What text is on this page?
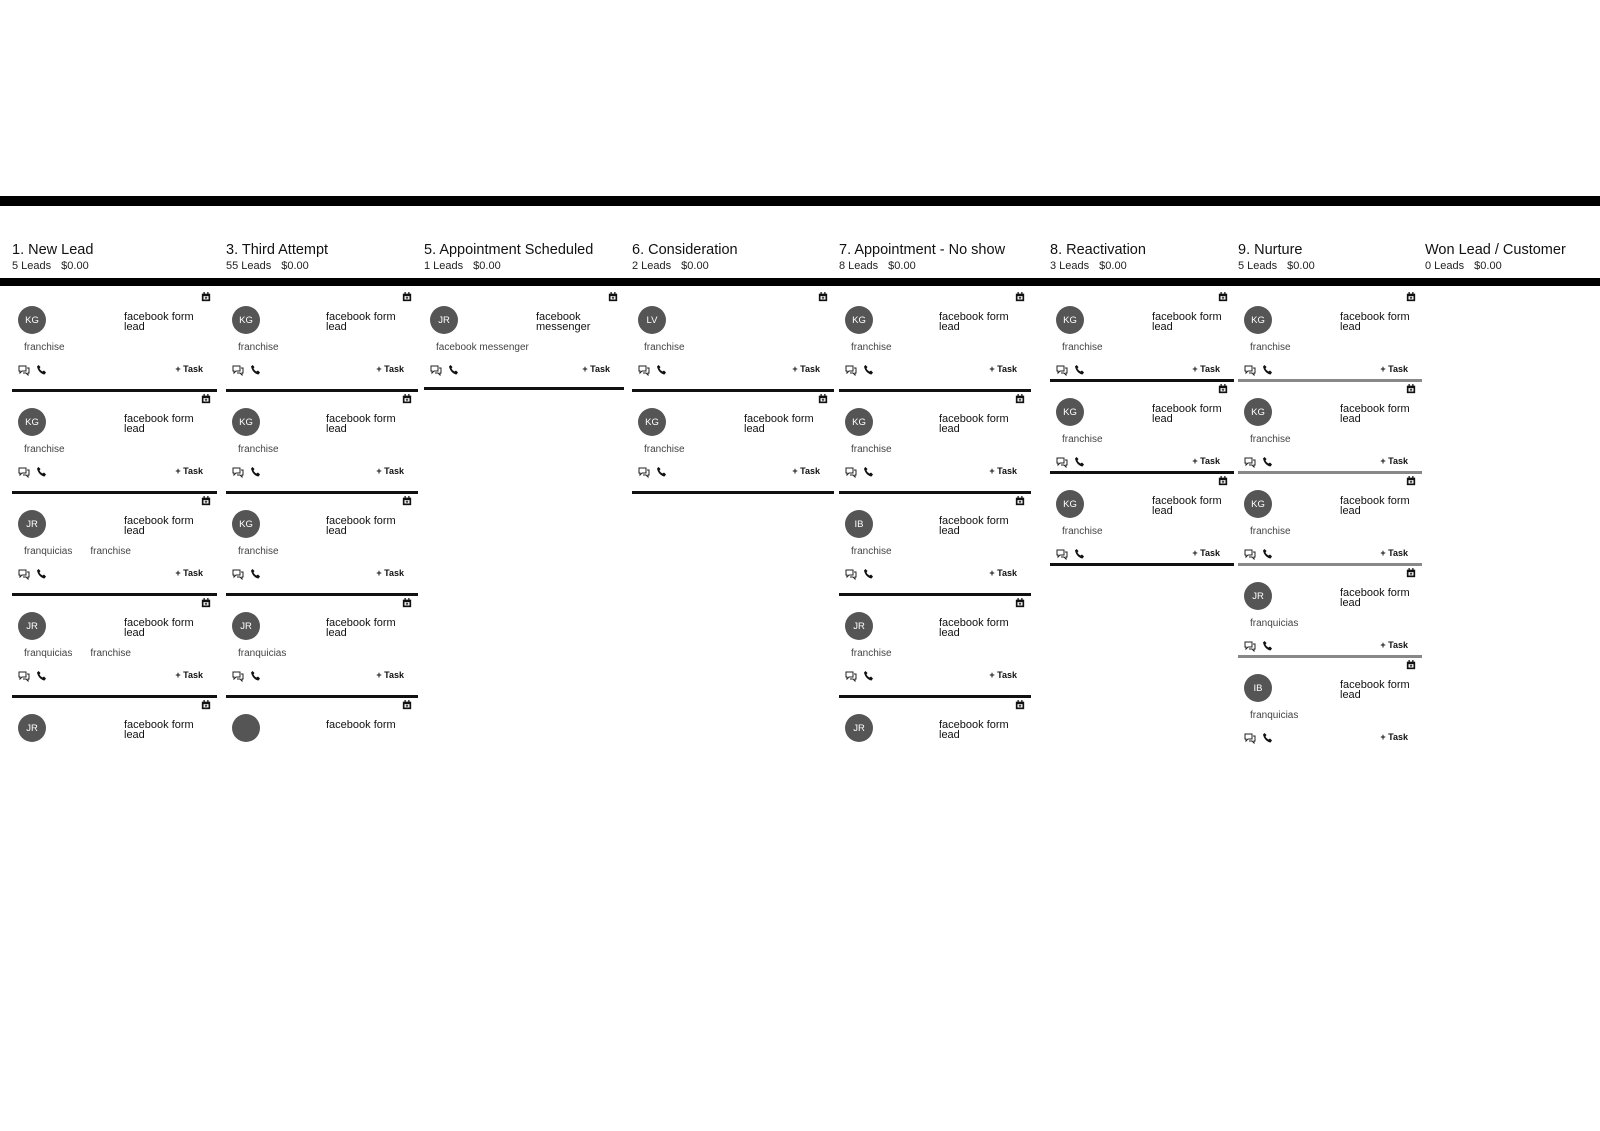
1. New Lead
5 Leads $0.00
KG	facebook form lead
franchise
+ Task
KG	facebook form lead
franchise
+ Task
JR	facebook form lead
franquicias franchise
+ Task
JR	facebook form lead
franquicias franchise
+ Task
JR	facebook form lead
3. Third Attempt
55 Leads $0.00
KG	facebook form lead
franchise
+ Task
KG	facebook form lead
franchise
+ Task
KG	facebook form lead
franchise
+ Task
JR	facebook form lead
franquicias
+ Task
facebook form
5. Appointment Scheduled
1 Leads $0.00
JR	facebook messenger
facebook messenger
+ Task
6. Consideration
2 Leads $0.00
LV
franchise
+ Task
KG	facebook form lead
franchise
+ Task
7. Appointment - No show
8 Leads $0.00
KG	facebook form lead
franchise
+ Task
KG	facebook form lead
franchise
+ Task
IB	facebook form lead
franchise
+ Task
JR	facebook form lead
franchise
+ Task
JR	facebook form lead
8. Reactivation
3 Leads $0.00
KG	facebook form lead
franchise
+ Task
KG	facebook form lead
franchise
+ Task
KG	facebook form lead
franchise
+ Task
9. Nurture
5 Leads $0.00
KG	facebook form lead
franchise
+ Task
KG	facebook form lead
franchise
+ Task
KG	facebook form lead
franchise
+ Task
JR	facebook form lead
franquicias
+ Task
IB	facebook form lead
franquicias
+ Task
Won Lead / Customer
0 Leads $0.00
